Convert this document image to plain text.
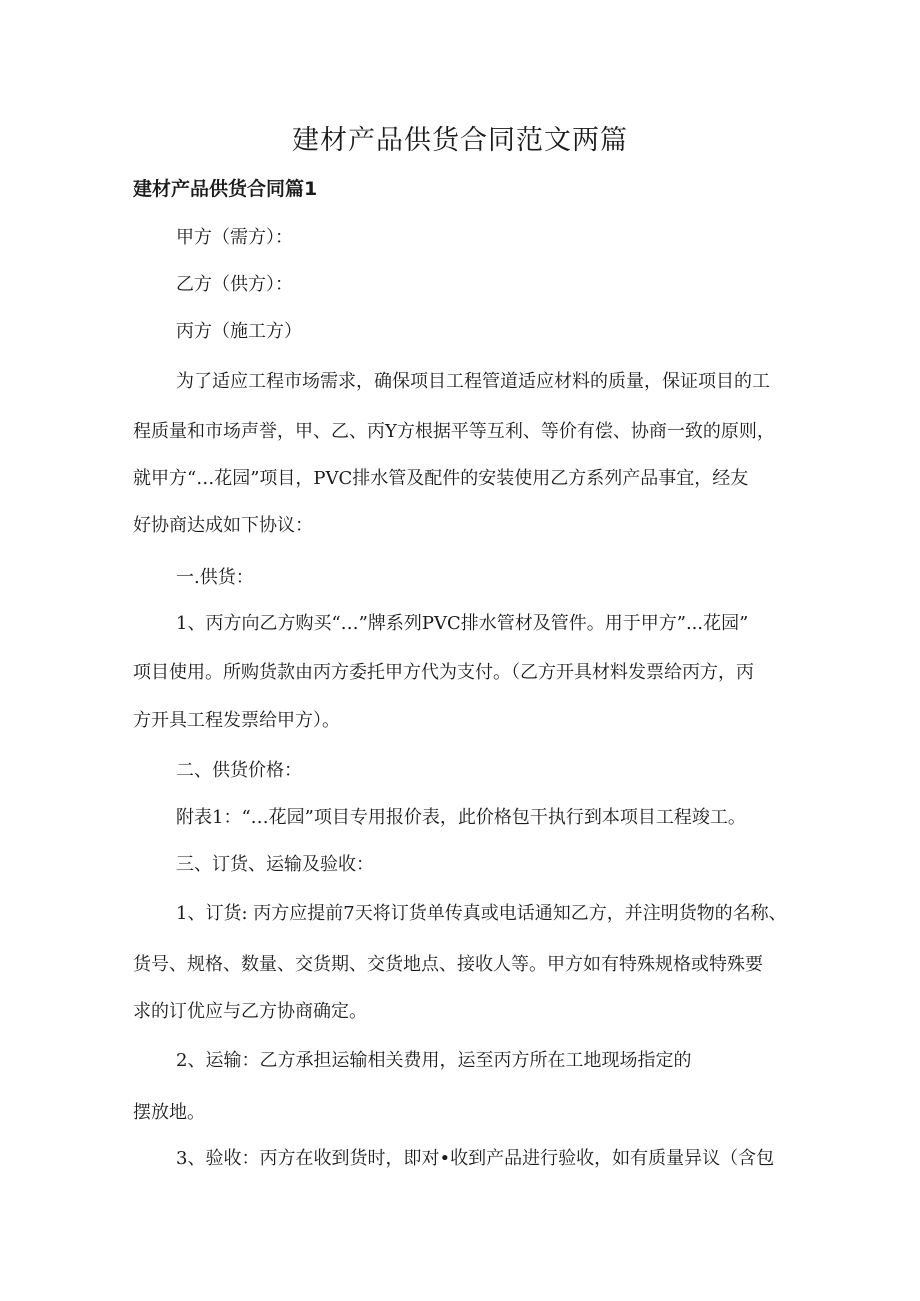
建材产品供货合同范文两篇
建材产品供货合同篇1
甲方（需方）：
乙方（供方）：
丙方（施工方）
为了适应工程市场需求，确保项目工程管道适应材料的质量，保证项目的工
程质量和市场声誉，甲、乙、丙Y方根据平等互利、等价有偿、协商一致的原则，
就甲方“…花园”项目，PVC排水管及配件的安装使用乙方系列产品事宜，经友
好协商达成如下协议：
一.供货：
1、丙方向乙方购买“…”牌系列PVC排水管材及管件。用于甲方”...花园”
项目使用。所购货款由丙方委托甲方代为支付。（乙方开具材料发票给丙方，丙
方开具工程发票给甲方）。
二、供货价格：
附表1：“…花园”项目专用报价表，此价格包干执行到本项目工程竣工。
三、订货、运输及验收：
1、订货: 丙方应提前7天将订货单传真或电话通知乙方，并注明货物的名称、
货号、规格、数量、交货期、交货地点、接收人等。甲方如有特殊规格或特殊要
求的订优应与乙方协商确定。
2、运输：乙方承担运输相关费用，运至丙方所在工地现场指定的
摆放地。
3、验收：丙方在收到货时，即对•收到产品进行验收，如有质量异议（含包
